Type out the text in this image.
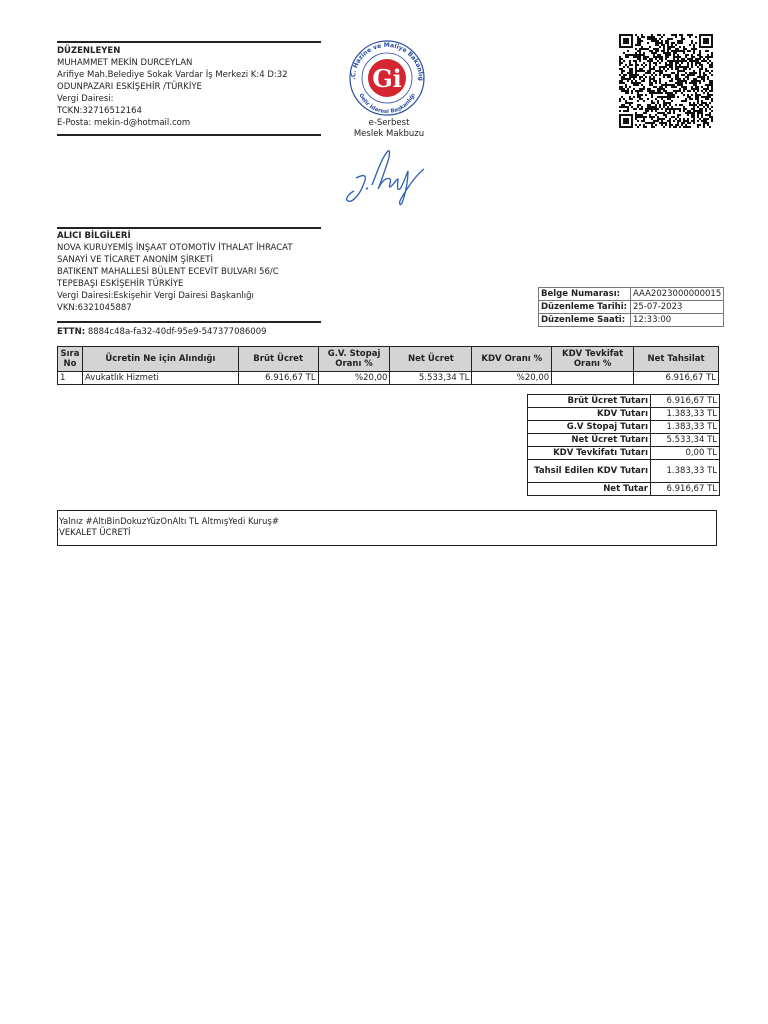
DÜZENLEYEN
MUHAMMET MEKİN DURCEYLAN
Arifiye Mah.Belediye Sokak Vardar İş Merkezi K:4 D:32
ODUNPAZARI ESKİŞEHİR /TÜRKİYE
Vergi Dairesi:
TCKN:32716512164
E-Posta: mekin-d@hotmail.com
.C. Hazine ve Maliye Bakanlığ
Gelir İdaresi Başkanlığı
Gi
e-Serbest
Meslek Makbuzu
ALICI BİLGİLERİ
NOVA KURUYEMİŞ İNŞAAT OTOMOTİV İTHALAT İHRACAT
SANAYİ VE TİCARET ANONİM ŞİRKETİ
BATIKENT MAHALLESİ BÜLENT ECEVİT BULVARI 56/C
TEPEBAŞI ESKİŞEHİR TÜRKİYE
Vergi Dairesi:Eskişehir Vergi Dairesi Başkanlığı
VKN:6321045887
ETTN: 8884c48a-fa32-40df-95e9-547377086009
Belge Numarası:	AAA2023000000015
Düzenleme Tarihi:	25-07-2023
Düzenleme Saati:	12:33:00
Sıra No	Ücretin Ne için Alındığı	Brüt Ücret	G.V. Stopaj Oranı %	Net Ücret	KDV Oranı %	KDV Tevkifat Oranı %	Net Tahsilat
1	Avukatlık Hizmeti	6.916,67 TL	%20,00	5.533,34 TL	%20,00		6.916,67 TL
Brüt Ücret Tutarı	6.916,67 TL
KDV Tutarı	1.383,33 TL
G.V Stopaj Tutarı	1.383,33 TL
Net Ücret Tutarı	5.533,34 TL
KDV Tevkifatı Tutarı	0,00 TL
Tahsil Edilen KDV Tutarı	1.383,33 TL
Net Tutar	6.916,67 TL
Yalnız #AltıBinDokuzYüzOnAltı TL AltmışYedi Kuruş#
VEKALET ÜCRETİ
